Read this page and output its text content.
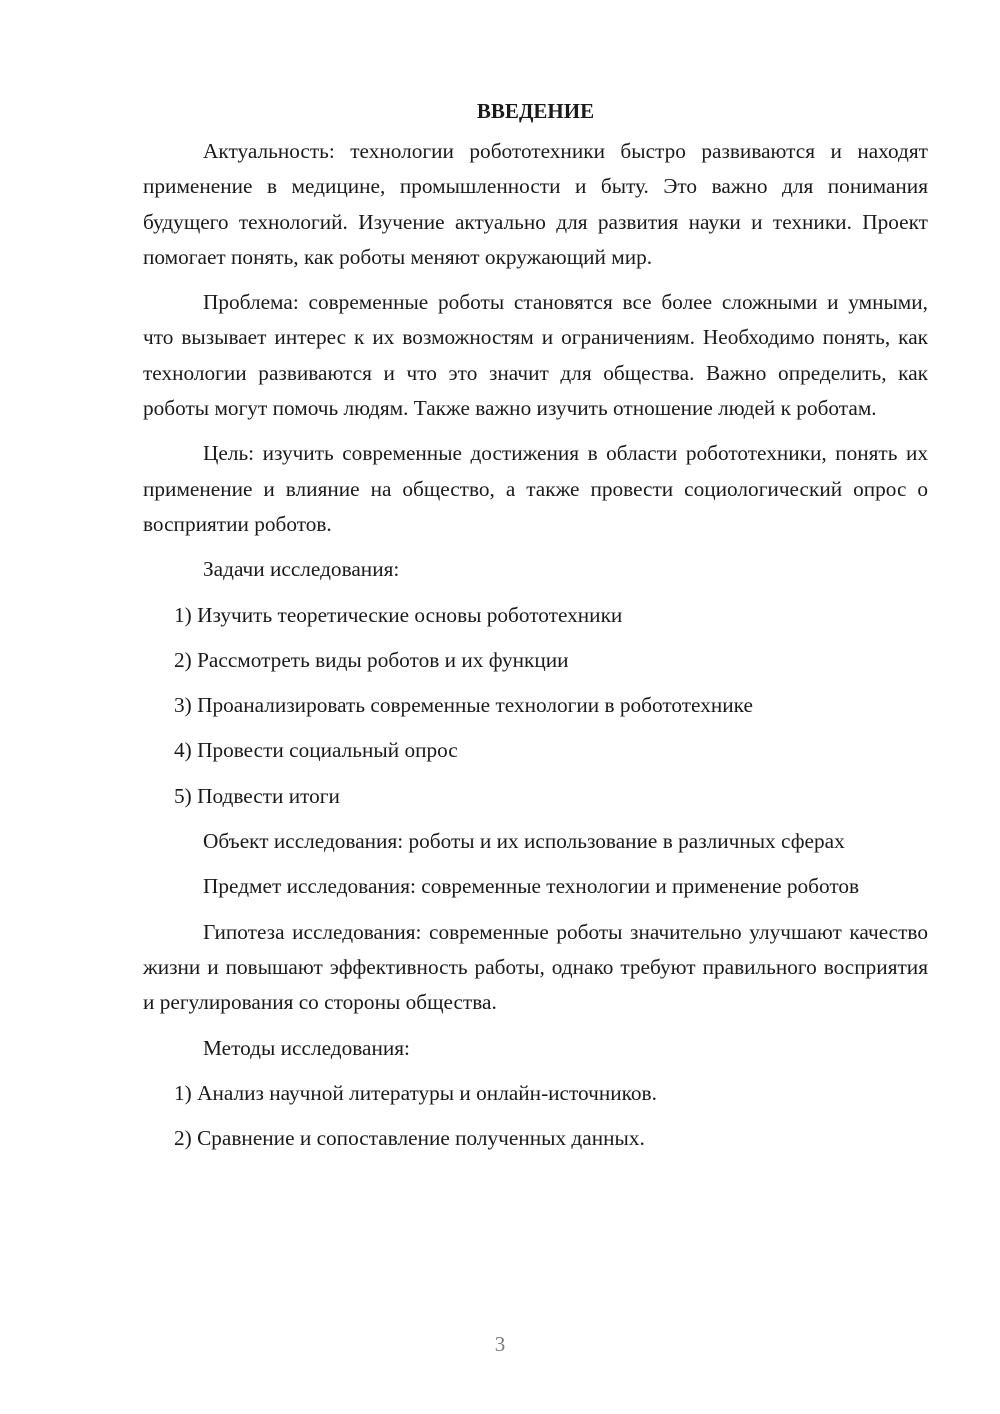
ВВЕДЕНИЕ

Актуальность: технологии робототехники быстро развиваются и находят применение в медицине, промышленности и быту. Это важно для понимания будущего технологий. Изучение актуально для развития науки и техники. Проект помогает понять, как роботы меняют окружающий мир.

Проблема: современные роботы становятся все более сложными и умными, что вызывает интерес к их возможностям и ограничениям. Необходимо понять, как технологии развиваются и что это значит для общества. Важно определить, как роботы могут помочь людям. Также важно изучить отношение людей к роботам.

Цель: изучить современные достижения в области робототехники, понять их применение и влияние на общество, а также провести социологический опрос о восприятии роботов.

Задачи исследования:

1) Изучить теоретические основы робототехники

2) Рассмотреть виды роботов и их функции

3) Проанализировать современные технологии в робототехнике

4) Провести социальный опрос

5) Подвести итоги

Объект исследования: роботы и их использование в различных сферах

Предмет исследования: современные технологии и применение роботов

Гипотеза исследования: современные роботы значительно улучшают качество жизни и повышают эффективность работы, однако требуют правильного восприятия и регулирования со стороны общества.

Методы исследования:

1) Анализ научной литературы и онлайн-источников.

2) Сравнение и сопоставление полученных данных.

3
